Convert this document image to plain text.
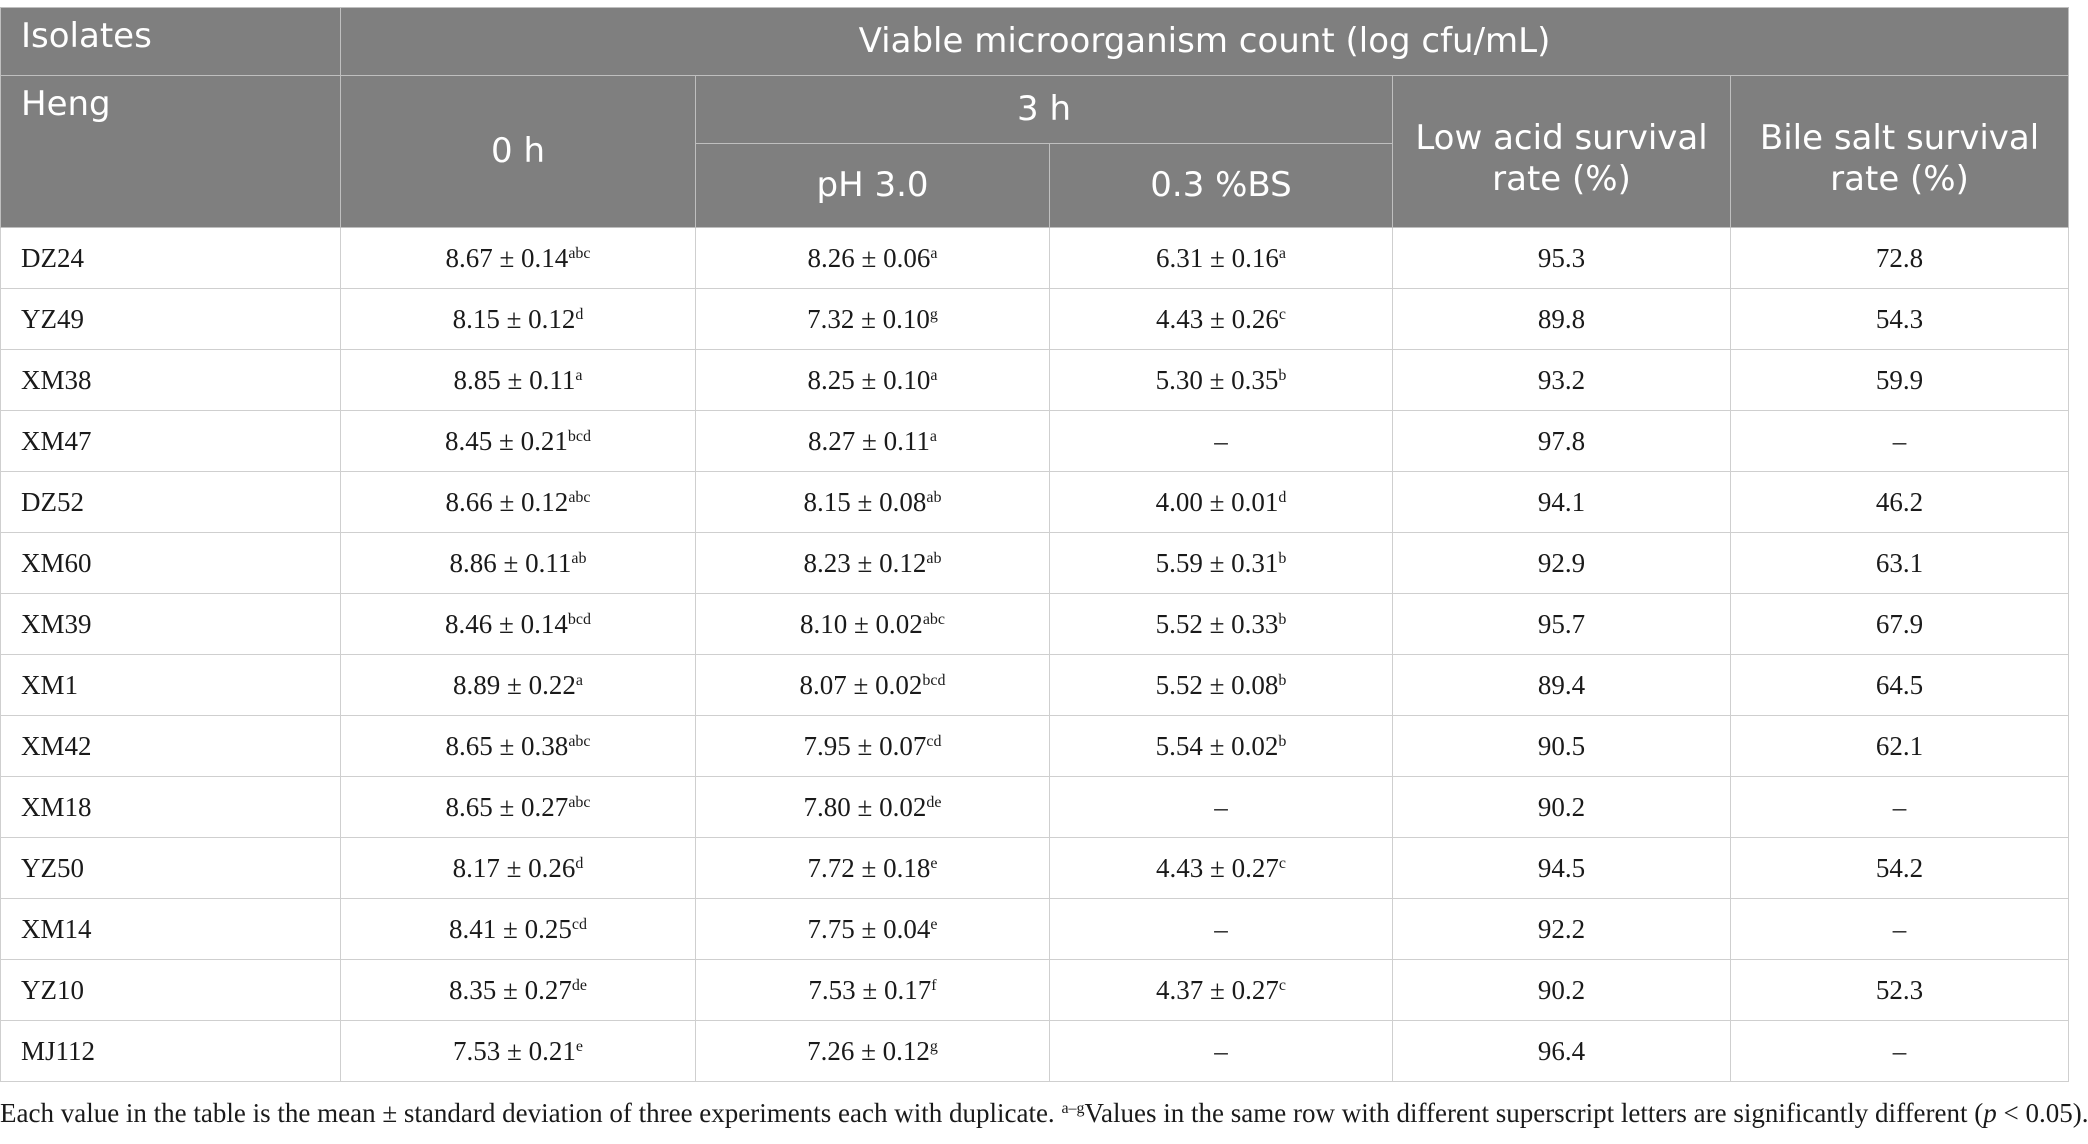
Isolates	Viable microorganism count (log cfu/mL)				
Heng	0 h	3 h		Low acid survival rate (%)	Bile salt survival rate (%)
		pH 3.0	0.3 %BS		
DZ24	8.67 ± 0.14$^{abc}$	8.26 ± 0.06$^a$	6.31 ± 0.16$^a$	95.3	72.8
YZ49	8.15 ± 0.12$^d$	7.32 ± 0.10$^g$	4.43 ± 0.26$^c$	89.8	54.3
XM38	8.85 ± 0.11$^a$	8.25 ± 0.10$^a$	5.30 ± 0.35$^b$	93.2	59.9
XM47	8.45 ± 0.21$^{bcd}$	8.27 ± 0.11$^a$	–	97.8	–
DZ52	8.66 ± 0.12$^{abc}$	8.15 ± 0.08$^{ab}$	4.00 ± 0.01$^d$	94.1	46.2
XM60	8.86 ± 0.11$^{ab}$	8.23 ± 0.12$^{ab}$	5.59 ± 0.31$^b$	92.9	63.1
XM39	8.46 ± 0.14$^{bcd}$	8.10 ± 0.02$^{abc}$	5.52 ± 0.33$^b$	95.7	67.9
XM1	8.89 ± 0.22$^a$	8.07 ± 0.02$^{bcd}$	5.52 ± 0.08$^b$	89.4	64.5
XM42	8.65 ± 0.38$^{abc}$	7.95 ± 0.07$^{cd}$	5.54 ± 0.02$^b$	90.5	62.1
XM18	8.65 ± 0.27$^{abc}$	7.80 ± 0.02de	–	90.2	–
YZ50	8.17 ± 0.26$^d$	7.72 ± 0.18$^e$	4.43 ± 0.27$^c$	94.5	54.2
XM14	8.41 ± 0.25$^{cd}$	7.75 ± 0.04$^e$	–	92.2	–
YZ10	8.35 ± 0.27de	7.53 ± 0.17$^f$	4.37 ± 0.27$^c$	90.2	52.3
MJ112	7.53 ± 0.21$^e$	7.26 ± 0.12$^g$	–	96.4	–
Each value in the table is the mean ± standard deviation of three experiments each with duplicate. $^{a-g}$Values in the same row with different superscript letters are significantly different (p < 0.05).
